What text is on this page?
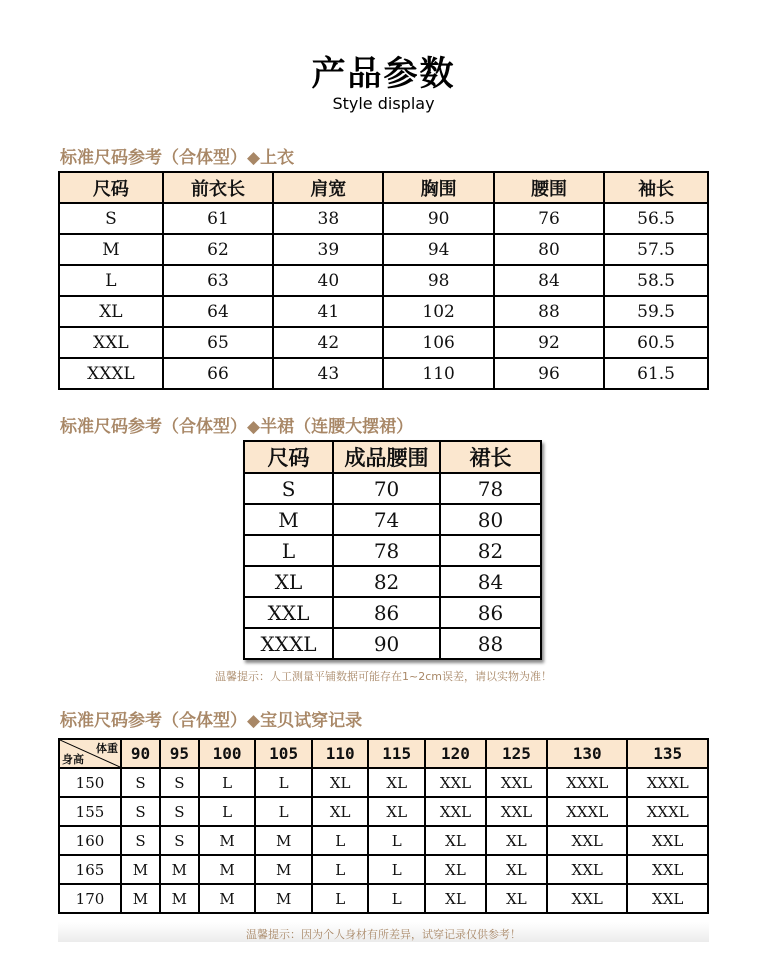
产品参数
Style display
标准尺码参考（合体型）◆上衣
尺码	前衣长	肩宽	胸围	腰围	袖长
S	61	38	90	76	56.5
M	62	39	94	80	57.5
L	63	40	98	84	58.5
XL	64	41	102	88	59.5
XXL	65	42	106	92	60.5
XXXL	66	43	110	96	61.5
标准尺码参考（合体型）◆半裙（连腰大摆裙）
尺码	成品腰围	裙长
S	70	78
M	74	80
L	78	82
XL	82	84
XXL	86	86
XXXL	90	88
温馨提示：人工测量平铺数据可能存在1~2cm误差，请以实物为准！
标准尺码参考（合体型）◆宝贝试穿记录
体重
身高	90	95	100	105	110	115	120	125	130	135
150	S	S	L	L	XL	XL	XXL	XXL	XXXL	XXXL
155	S	S	L	L	XL	XL	XXL	XXL	XXXL	XXXL
160	S	S	M	M	L	L	XL	XL	XXL	XXL
165	M	M	M	M	L	L	XL	XL	XXL	XXL
170	M	M	M	M	L	L	XL	XL	XXL	XXL
温馨提示：因为个人身材有所差异，试穿记录仅供参考！
